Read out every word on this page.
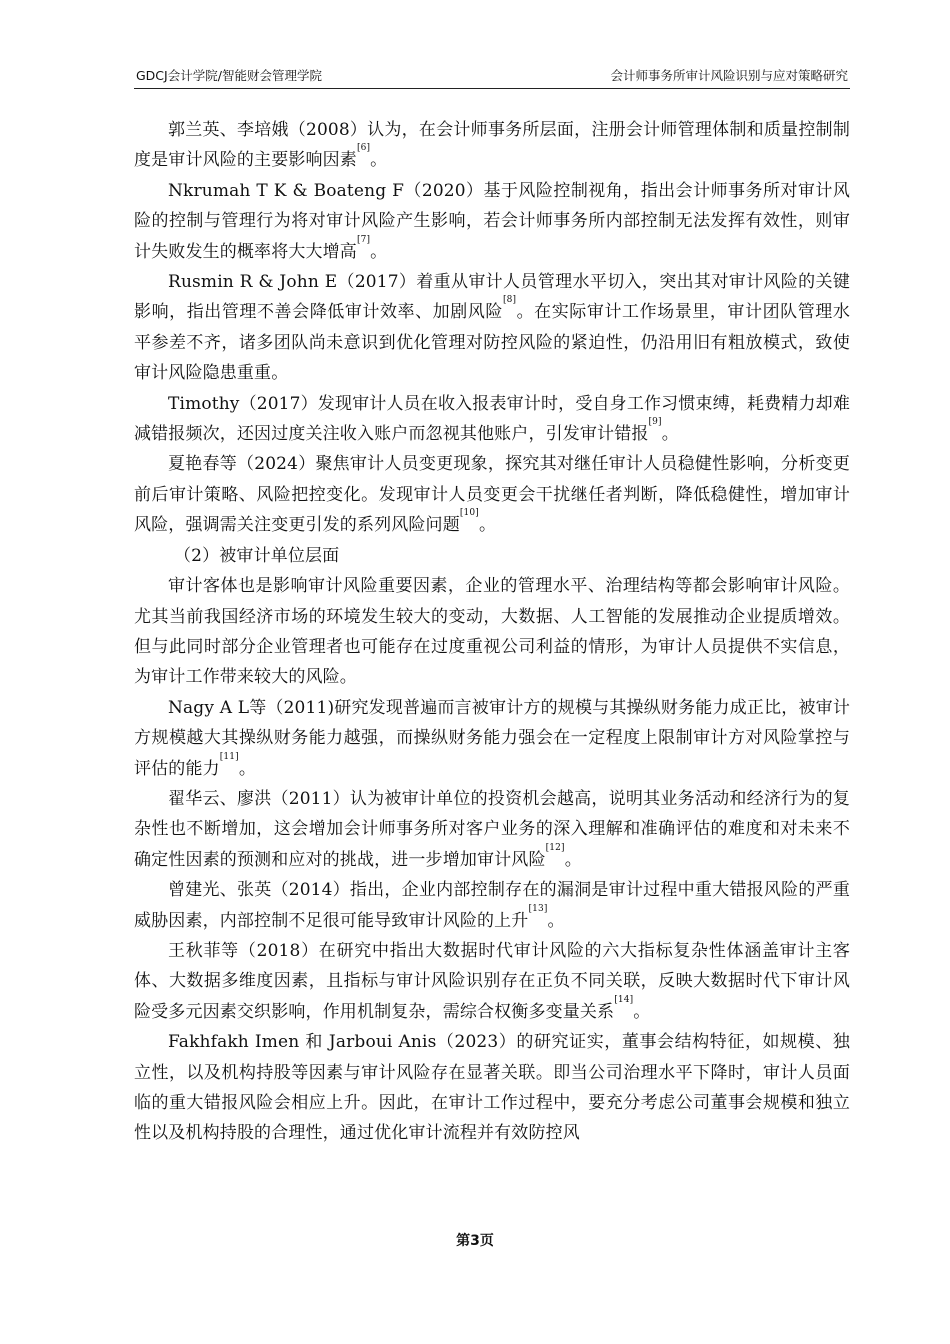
GDCJ会计学院/智能财会管理学院	会计师事务所审计风险识别与应对策略研究

郭兰英、李培娥（2008）认为，在会计师事务所层面，注册会计师管理体制和质量控制制度是审计风险的主要影响因素[6]。

Nkrumah T K & Boateng F（2020）基于风险控制视角，指出会计师事务所对审计风险的控制与管理行为将对审计风险产生影响，若会计师事务所内部控制无法发挥有效性，则审计失败发生的概率将大大增高[7]。

Rusmin R & John E（2017）着重从审计人员管理水平切入，突出其对审计风险的关键影响，指出管理不善会降低审计效率、加剧风险[8]。在实际审计工作场景里，审计团队管理水平参差不齐，诸多团队尚未意识到优化管理对防控风险的紧迫性，仍沿用旧有粗放模式，致使审计风险隐患重重。

Timothy（2017）发现审计人员在收入报表审计时，受自身工作习惯束缚，耗费精力却难减错报频次，还因过度关注收入账户而忽视其他账户，引发审计错报[9]。

夏艳春等（2024）聚焦审计人员变更现象，探究其对继任审计人员稳健性影响，分析变更前后审计策略、风险把控变化。发现审计人员变更会干扰继任者判断，降低稳健性，增加审计风险，强调需关注变更引发的系列风险问题[10]。

（2）被审计单位层面

审计客体也是影响审计风险重要因素，企业的管理水平、治理结构等都会影响审计风险。尤其当前我国经济市场的环境发生较大的变动，大数据、人工智能的发展推动企业提质增效。但与此同时部分企业管理者也可能存在过度重视公司利益的情形，为审计人员提供不实信息，为审计工作带来较大的风险。

Nagy A L等（2011)研究发现普遍而言被审计方的规模与其操纵财务能力成正比，被审计方规模越大其操纵财务能力越强，而操纵财务能力强会在一定程度上限制审计方对风险掌控与评估的能力[11]。

翟华云、廖洪（2011）认为被审计单位的投资机会越高，说明其业务活动和经济行为的复杂性也不断增加，这会增加会计师事务所对客户业务的深入理解和准确评估的难度和对未来不确定性因素的预测和应对的挑战，进一步增加审计风险[12]。

曾建光、张英（2014）指出，企业内部控制存在的漏洞是审计过程中重大错报风险的严重威胁因素，内部控制不足很可能导致审计风险的上升[13]。

王秋菲等（2018）在研究中指出大数据时代审计风险的六大指标复杂性体涵盖审计主客体、大数据多维度因素，且指标与审计风险识别存在正负不同关联，反映大数据时代下审计风险受多元因素交织影响，作用机制复杂，需综合权衡多变量关系[14]。

Fakhfakh Imen 和 Jarboui Anis（2023）的研究证实，董事会结构特征，如规模、独立性，以及机构持股等因素与审计风险存在显著关联。即当公司治理水平下降时，审计人员面临的重大错报风险会相应上升。因此，在审计工作过程中，要充分考虑公司董事会规模和独立性以及机构持股的合理性，通过优化审计流程并有效防控风

第3页
